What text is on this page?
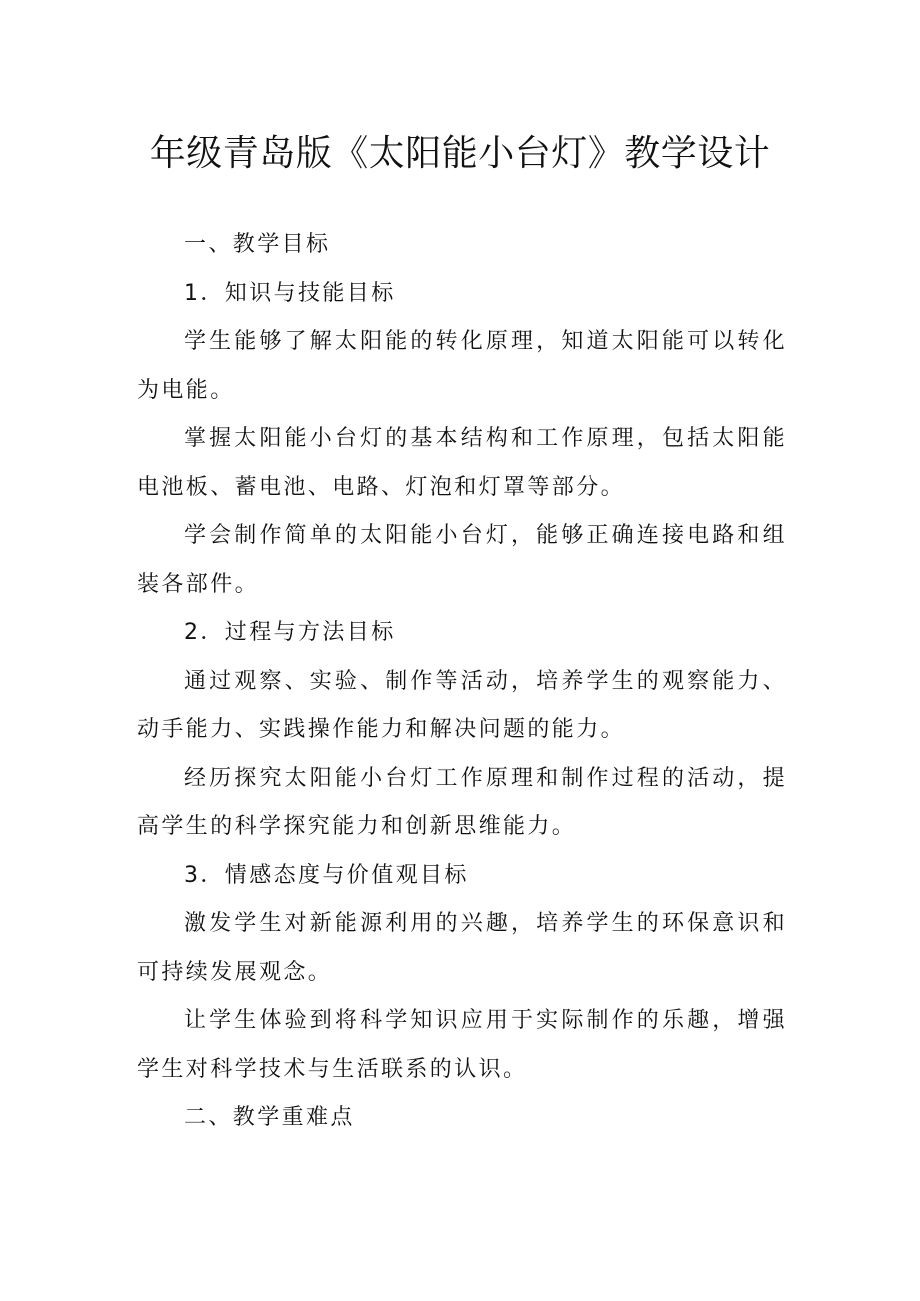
年级青岛版《太阳能小台灯》教学设计

一、教学目标

1．知识与技能目标

学生能够了解太阳能的转化原理，知道太阳能可以转化为电能。

掌握太阳能小台灯的基本结构和工作原理，包括太阳能电池板、蓄电池、电路、灯泡和灯罩等部分。

学会制作简单的太阳能小台灯，能够正确连接电路和组装各部件。

2．过程与方法目标

通过观察、实验、制作等活动，培养学生的观察能力、动手能力、实践操作能力和解决问题的能力。

经历探究太阳能小台灯工作原理和制作过程的活动，提高学生的科学探究能力和创新思维能力。

3．情感态度与价值观目标

激发学生对新能源利用的兴趣，培养学生的环保意识和可持续发展观念。

让学生体验到将科学知识应用于实际制作的乐趣，增强学生对科学技术与生活联系的认识。

二、教学重难点
